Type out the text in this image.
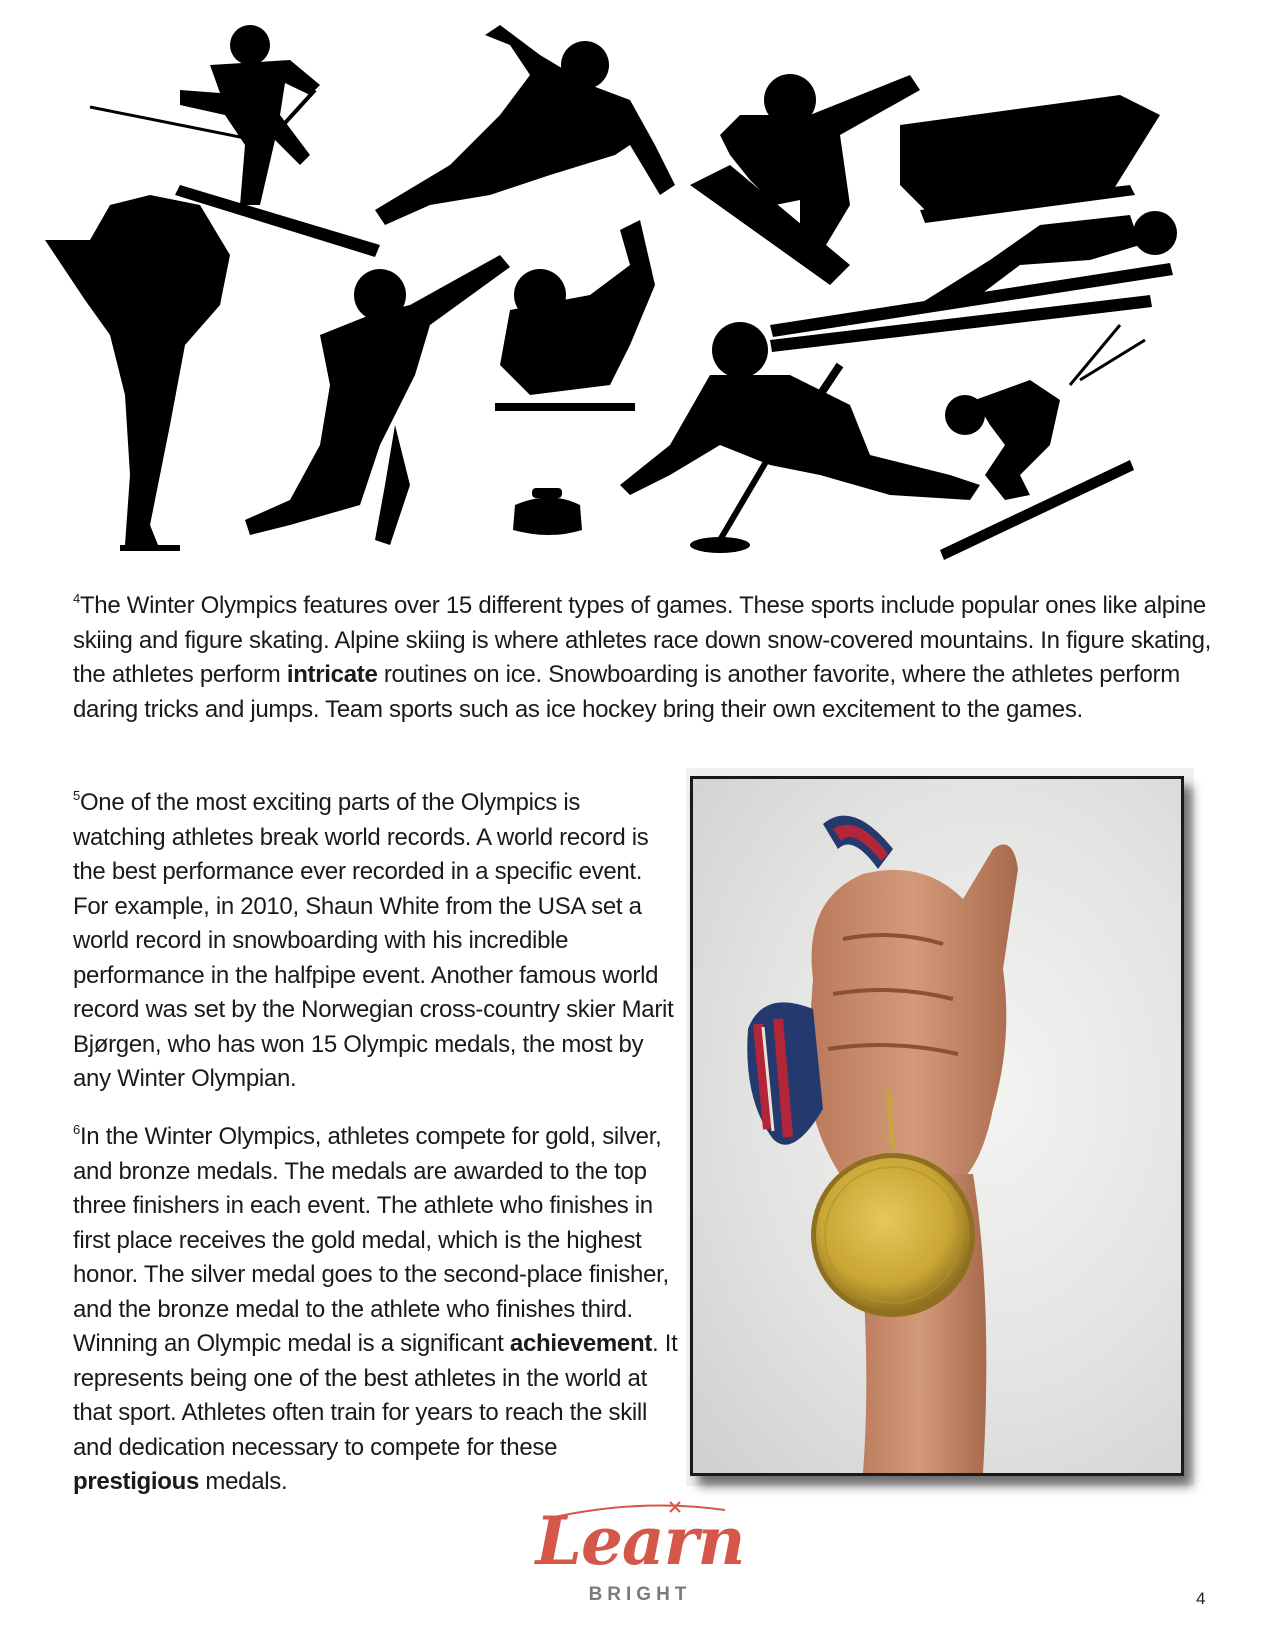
$^4$The Winter Olympics features over 15 different types of games. These sports include popular ones like alpine skiing and figure skating. Alpine skiing is where athletes race down snow-covered mountains. In figure skating, the athletes perform intricate routines on ice. Snowboarding is another favorite, where the athletes perform daring tricks and jumps. Team sports such as ice hockey bring their own excitement to the games.

$^5$One of the most exciting parts of the Olympics is watching athletes break world records. A world record is the best performance ever recorded in a specific event. For example, in 2010, Shaun White from the USA set a world record in snowboarding with his incredible performance in the halfpipe event. Another famous world record was set by the Norwegian cross-country skier Marit Bjørgen, who has won 15 Olympic medals, the most by any Winter Olympian.

$^6$In the Winter Olympics, athletes compete for gold, silver, and bronze medals. The medals are awarded to the top three finishers in each event. The athlete who finishes in first place receives the gold medal, which is the highest honor. The silver medal goes to the second-place finisher, and the bronze medal to the athlete who finishes third. Winning an Olympic medal is a significant achievement. It represents being one of the best athletes in the world at that sport. Athletes often train for years to reach the skill and dedication necessary to compete for these prestigious medals.

Learn
BRIGHT	4
